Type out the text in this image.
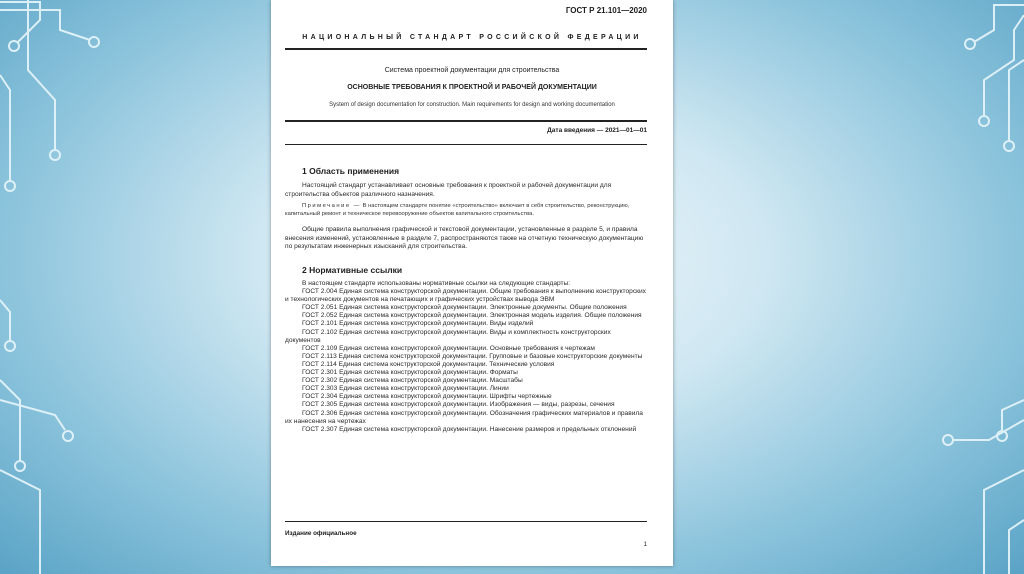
ГОСТ Р 21.101—2020
НАЦИОНАЛЬНЫЙ СТАНДАРТ РОССИЙСКОЙ ФЕДЕРАЦИИ
Система проектной документации для строительства
ОСНОВНЫЕ ТРЕБОВАНИЯ К ПРОЕКТНОЙ И РАБОЧЕЙ ДОКУМЕНТАЦИИ
System of design documentation for construction. Main requirements for design and working documentation
Дата введения — 2021—01—01
1 Область применения

Настоящий стандарт устанавливает основные требования к проектной и рабочей документации для строительства объектов различного назначения.

Примечание — В настоящем стандарте понятие «строительство» включает в себя строительство, реконструкцию, капитальный ремонт и техническое перевооружение объектов капитального строительства.

Общие правила выполнения графической и текстовой документации, установленные в разделе 5, и правила внесения изменений, установленные в разделе 7, распространяются также на отчетную техническую документацию по результатам инженерных изысканий для строительства.

2 Нормативные ссылки

В настоящем стандарте использованы нормативные ссылки на следующие стандарты:

ГОСТ 2.004 Единая система конструкторской документации. Общие требования к выполнению конструкторских и технологических документов на печатающих и графических устройствах вывода ЭВМ

ГОСТ 2.051 Единая система конструкторской документации. Электронные документы. Общие положения

ГОСТ 2.052 Единая система конструкторской документации. Электронная модель изделия. Общие положения

ГОСТ 2.101 Единая система конструкторской документации. Виды изделий

ГОСТ 2.102 Единая система конструкторской документации. Виды и комплектность конструкторских документов

ГОСТ 2.109 Единая система конструкторской документации. Основные требования к чертежам

ГОСТ 2.113 Единая система конструкторской документации. Групповые и базовые конструкторские документы

ГОСТ 2.114 Единая система конструкторской документации. Технические условия

ГОСТ 2.301 Единая система конструкторской документации. Форматы

ГОСТ 2.302 Единая система конструкторской документации. Масштабы

ГОСТ 2.303 Единая система конструкторской документации. Линии

ГОСТ 2.304 Единая система конструкторской документации. Шрифты чертежные

ГОСТ 2.305 Единая система конструкторской документации. Изображения — виды, разрезы, сечения

ГОСТ 2.306 Единая система конструкторской документации. Обозначения графических материалов и правила их нанесения на чертежах

ГОСТ 2.307 Единая система конструкторской документации. Нанесение размеров и предельных отклонений

Издание официальное
1
